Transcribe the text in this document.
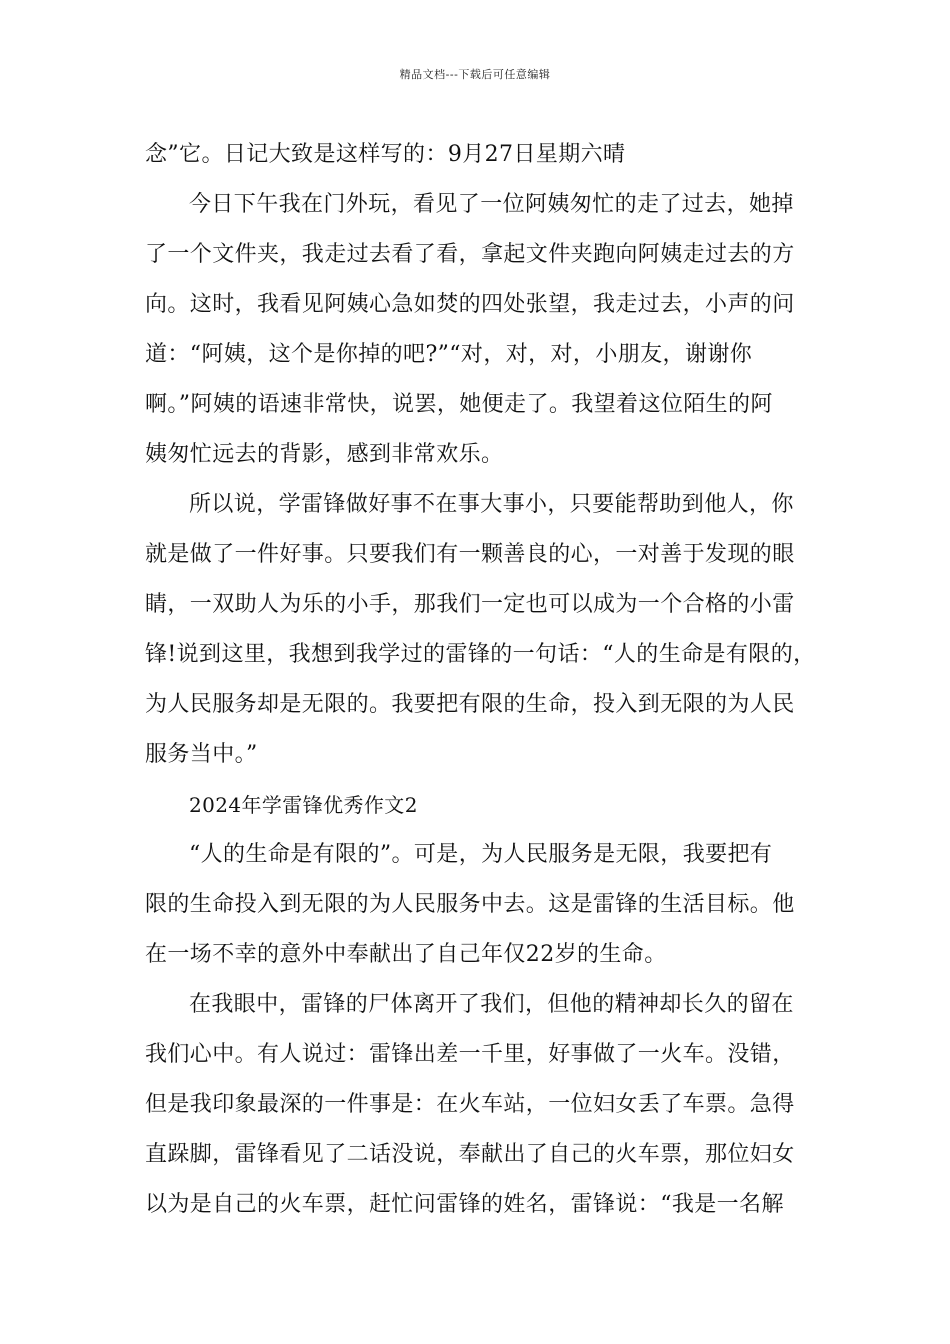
精品文档---下载后可任意编辑
念”它。日记大致是这样写的：9月27日星期六晴
今日下午我在门外玩，看见了一位阿姨匆忙的走了过去，她掉
了一个文件夹，我走过去看了看，拿起文件夹跑向阿姨走过去的方
向。这时，我看见阿姨心急如焚的四处张望，我走过去，小声的问
道：“阿姨，这个是你掉的吧?”“对，对，对，小朋友，谢谢你
啊。”阿姨的语速非常快，说罢，她便走了。我望着这位陌生的阿
姨匆忙远去的背影，感到非常欢乐。
所以说，学雷锋做好事不在事大事小，只要能帮助到他人，你
就是做了一件好事。只要我们有一颗善良的心，一对善于发现的眼
睛，一双助人为乐的小手，那我们一定也可以成为一个合格的小雷
锋!说到这里，我想到我学过的雷锋的一句话：“人的生命是有限的，
为人民服务却是无限的。我要把有限的生命，投入到无限的为人民
服务当中。”
2024年学雷锋优秀作文2
“人的生命是有限的”。可是，为人民服务是无限，我要把有
限的生命投入到无限的为人民服务中去。这是雷锋的生活目标。他
在一场不幸的意外中奉献出了自己年仅22岁的生命。
在我眼中，雷锋的尸体离开了我们，但他的精神却长久的留在
我们心中。有人说过：雷锋出差一千里，好事做了一火车。没错，
但是我印象最深的一件事是：在火车站，一位妇女丢了车票。急得
直跺脚，雷锋看见了二话没说，奉献出了自己的火车票，那位妇女
以为是自己的火车票，赶忙问雷锋的姓名，雷锋说：“我是一名解
